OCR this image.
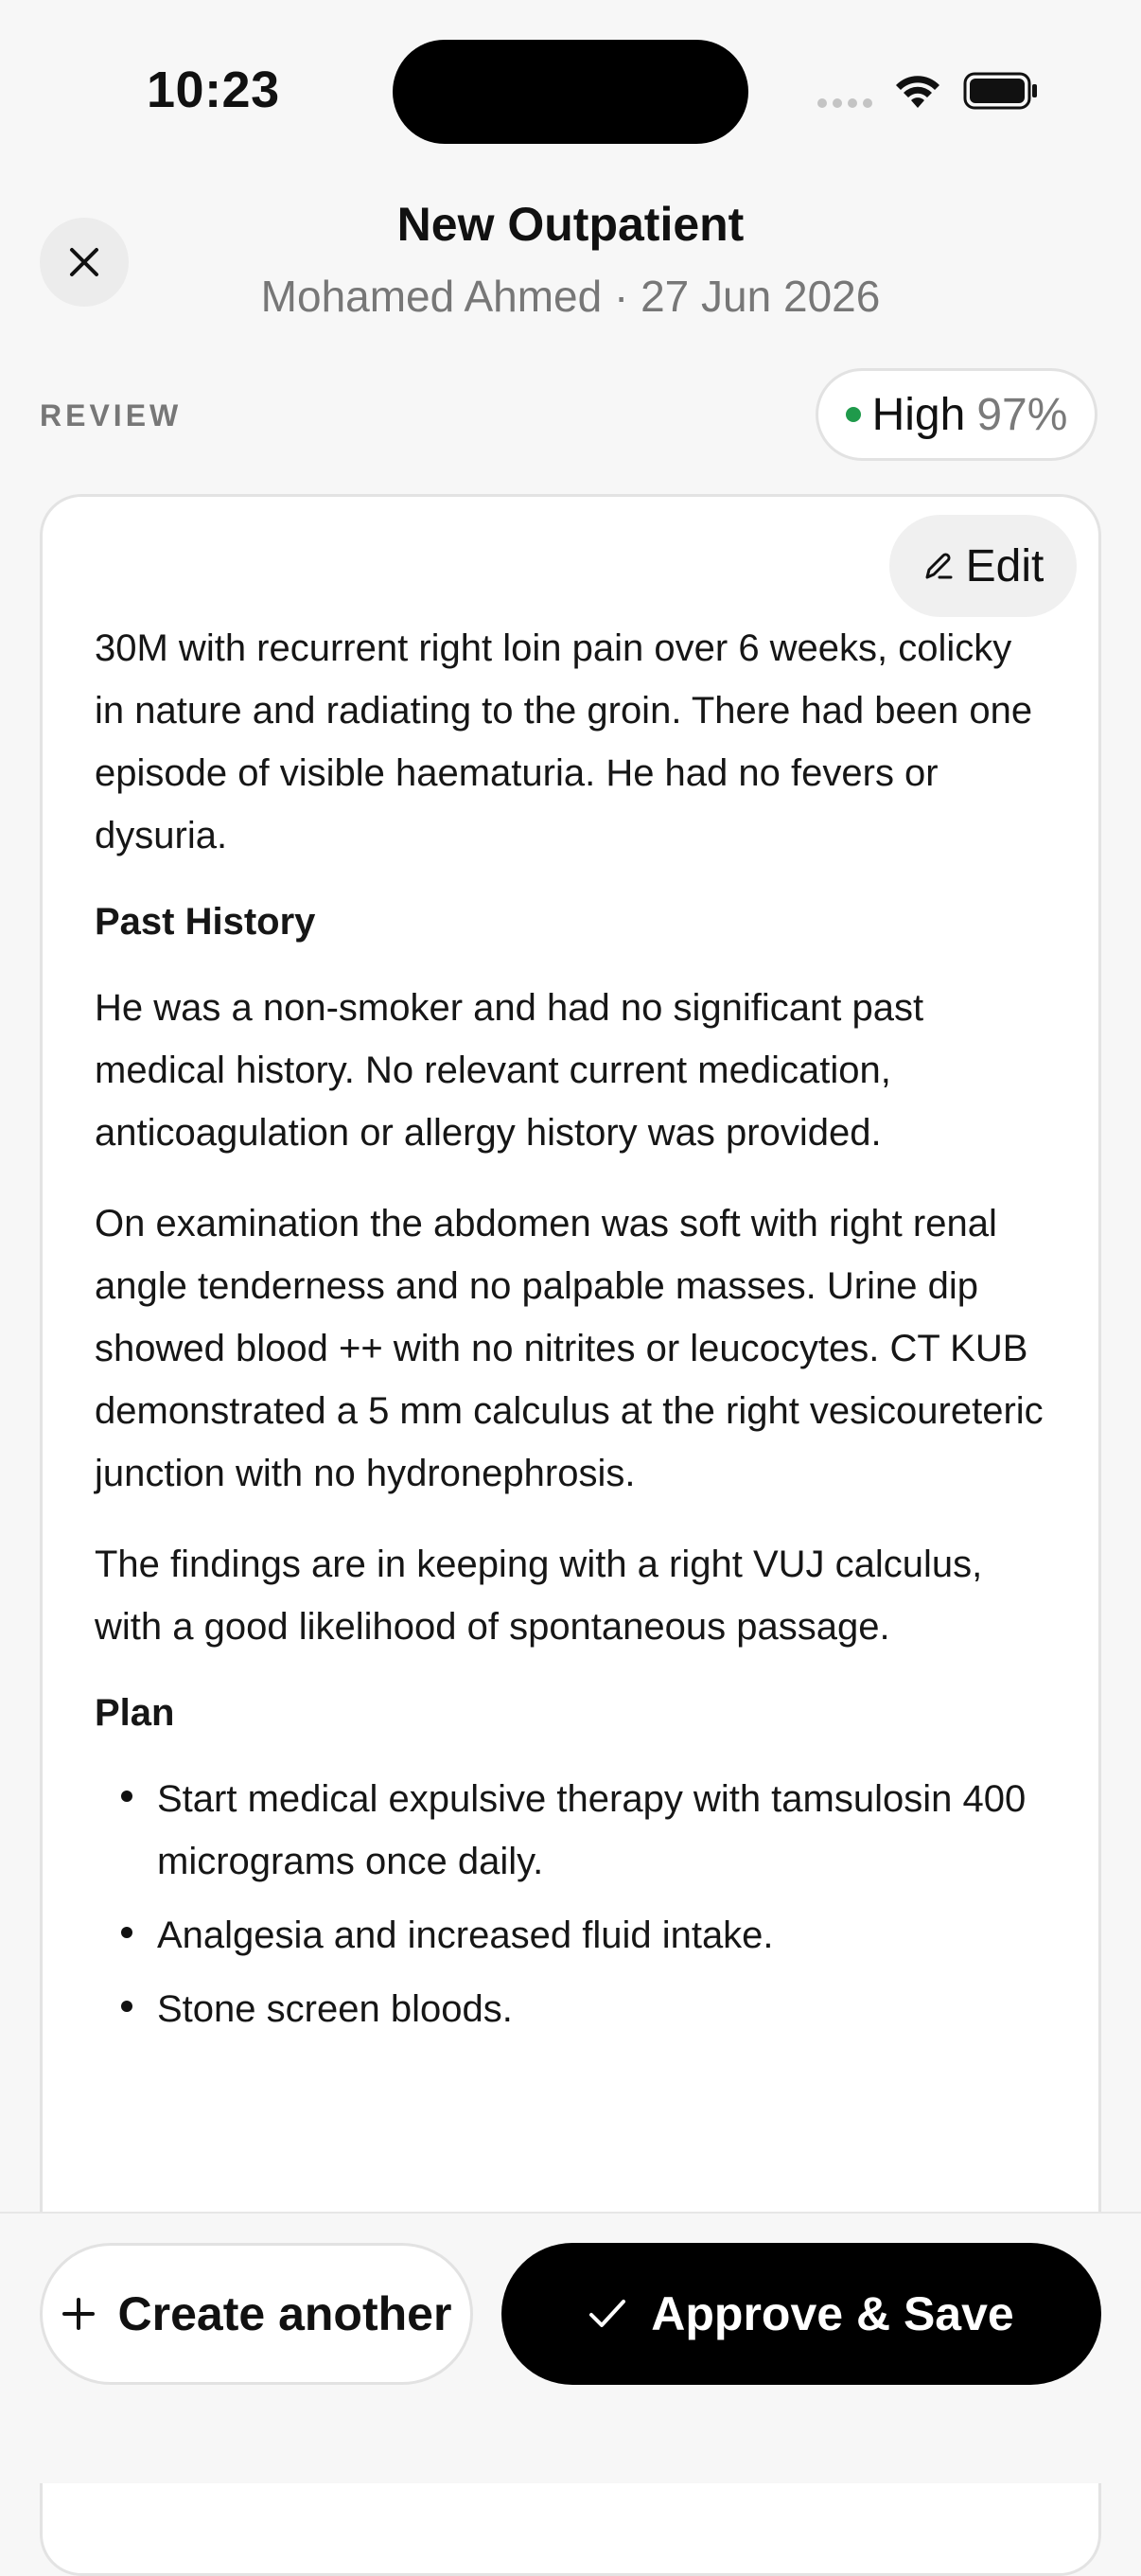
10:23
New Outpatient
Mohamed Ahmed · 27 Jun 2026
REVIEW	High 97%
Edit

30M with recurrent right loin pain over 6 weeks, colicky in nature and radiating to the groin. There had been one episode of visible haematuria. He had no fevers or dysuria.

Past History

He was a non-smoker and had no significant past medical history. No relevant current medication, anticoagulation or allergy history was provided.

On examination the abdomen was soft with right renal angle tenderness and no palpable masses. Urine dip showed blood ++ with no nitrites or leucocytes. CT KUB demonstrated a 5 mm calculus at the right vesicoureteric junction with no hydronephrosis.

The findings are in keeping with a right VUJ calculus, with a good likelihood of spontaneous passage.

Plan
Start medical expulsive therapy with tamsulosin 400 micrograms once daily.
Analgesia and increased fluid intake.
Stone screen bloods.
Create another	Approve & Save
